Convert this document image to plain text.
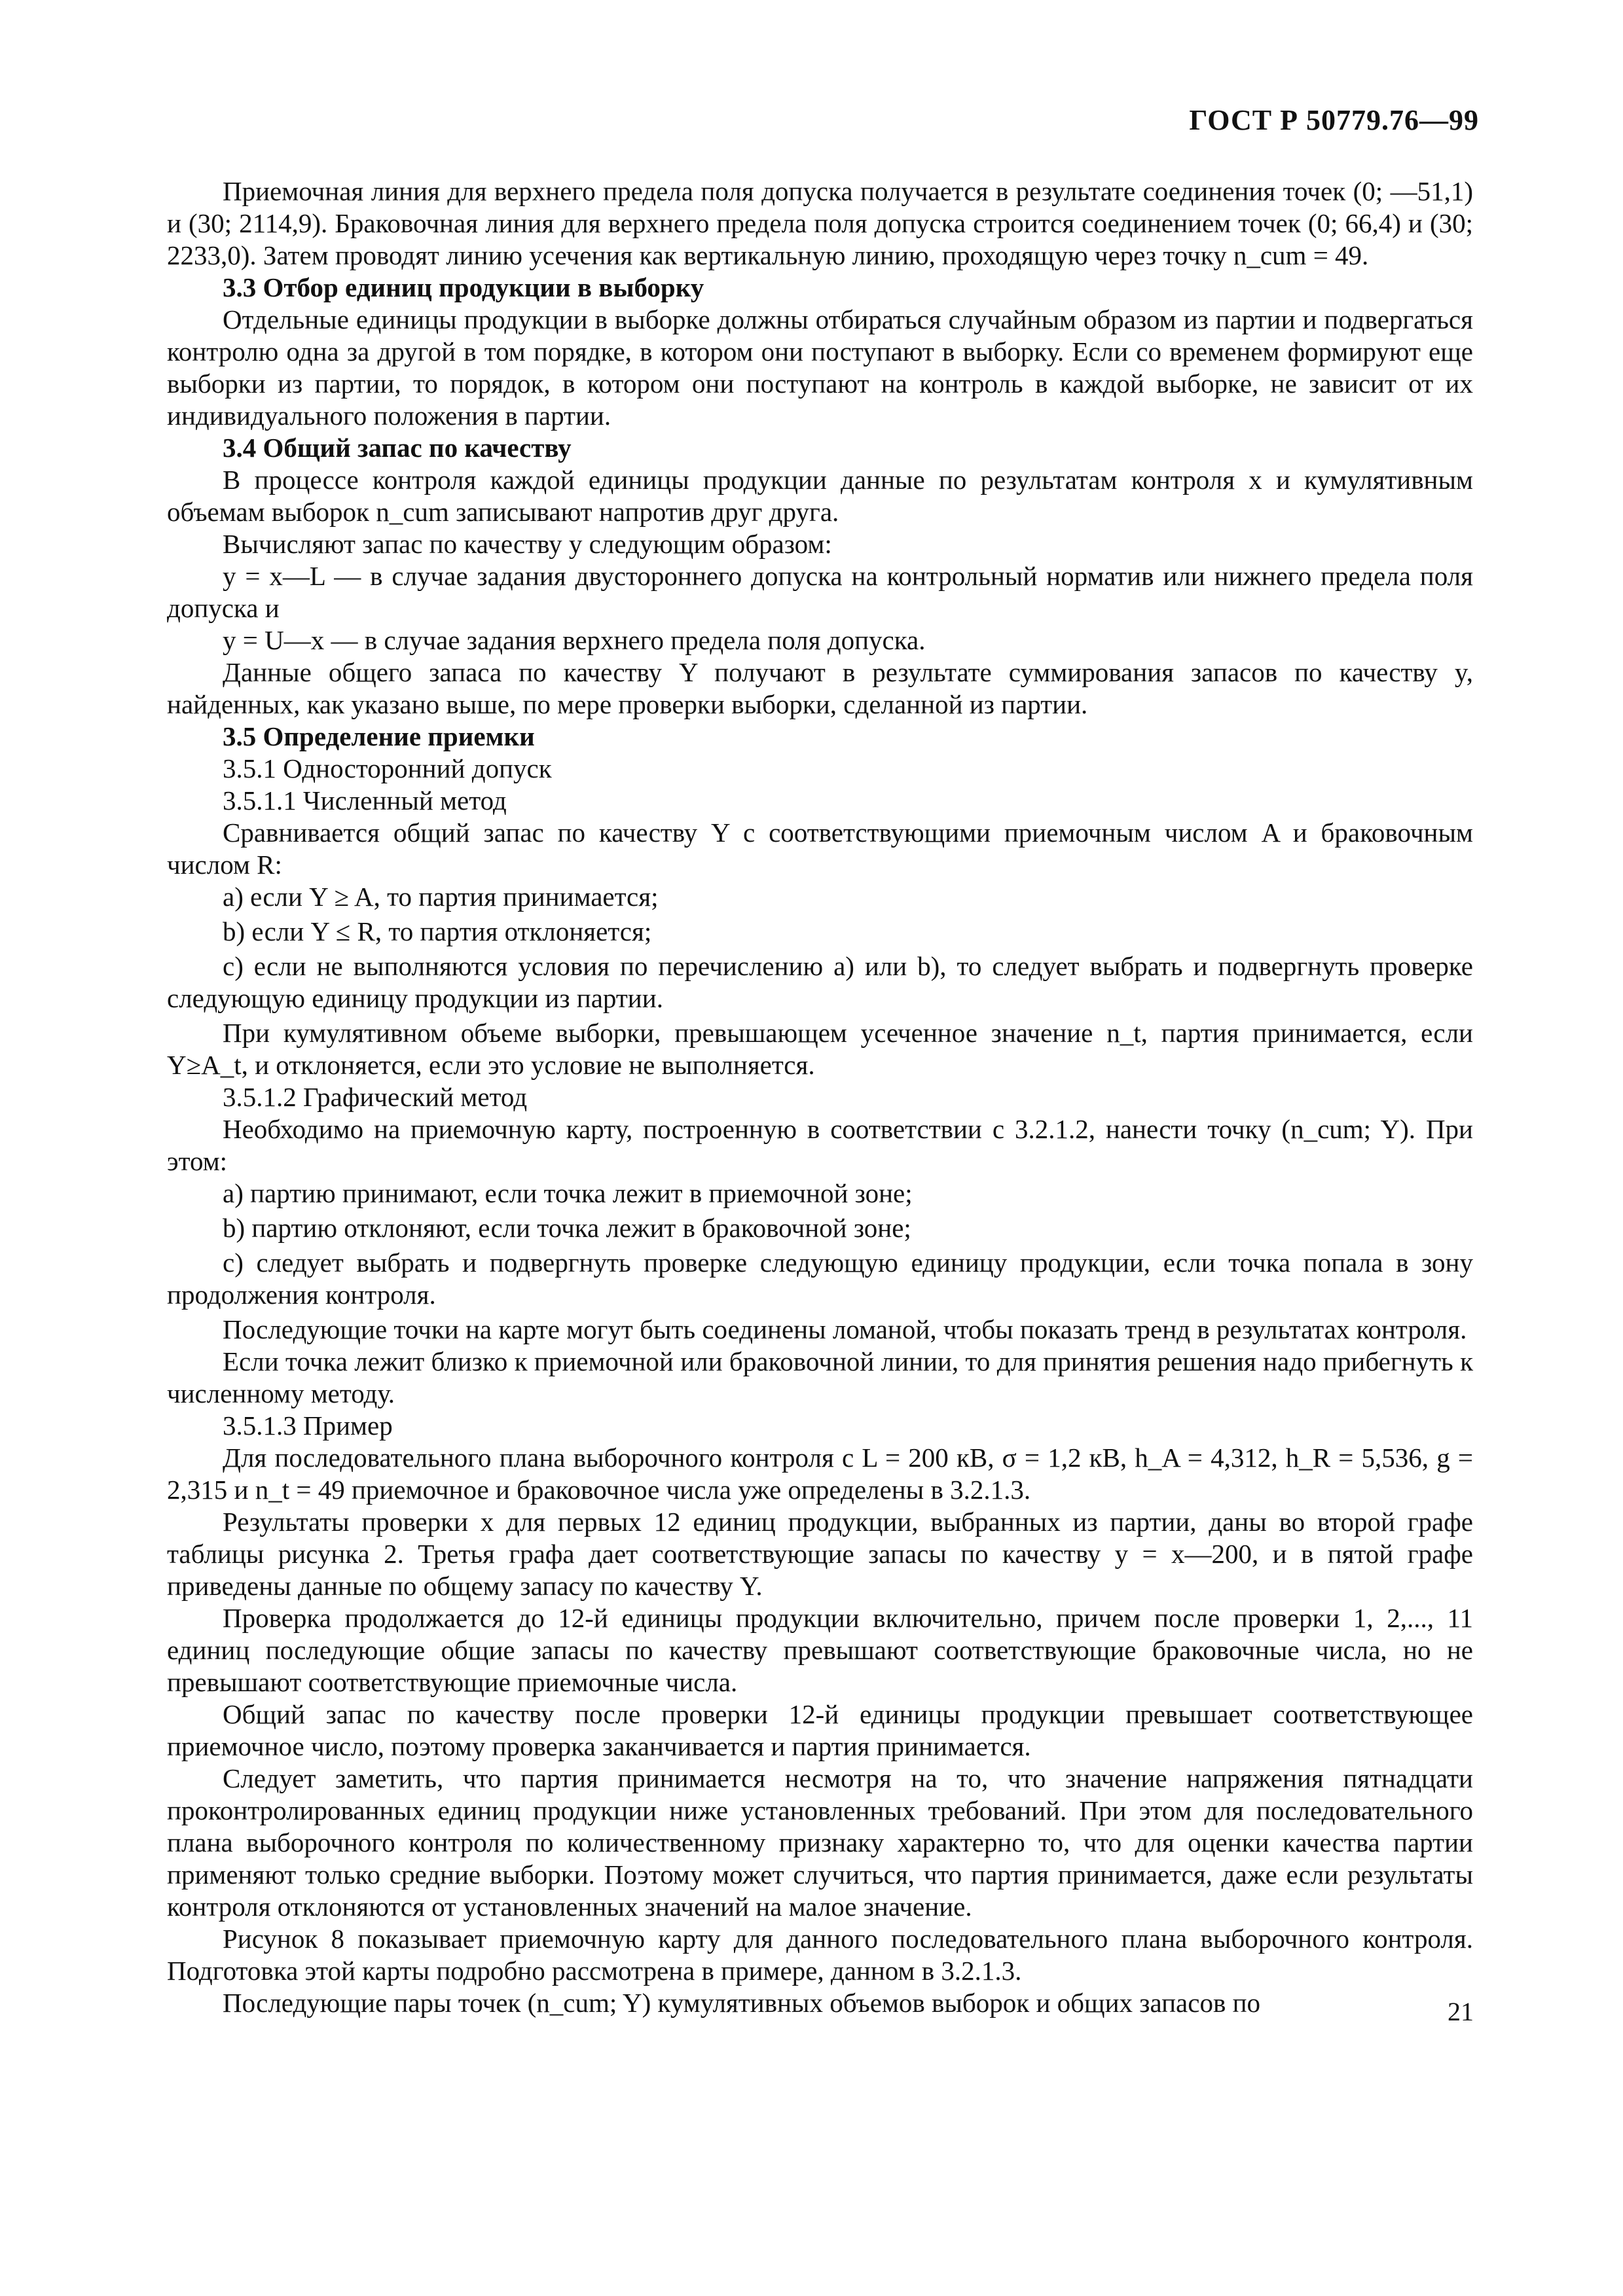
ГОСТ Р 50779.76—99

Приемочная линия для верхнего предела поля допуска получается в результате соединения точек (0; —51,1) и (30; 2114,9). Браковочная линия для верхнего предела поля допуска строится соединением точек (0; 66,4) и (30; 2233,0). Затем проводят линию усечения как вертикальную линию, проходящую через точку n_cum = 49.

3.3 Отбор единиц продукции в выборку

Отдельные единицы продукции в выборке должны отбираться случайным образом из партии и подвергаться контролю одна за другой в том порядке, в котором они поступают в выборку. Если со временем формируют еще выборки из партии, то порядок, в котором они поступают на контроль в каждой выборке, не зависит от их индивидуального положения в партии.

3.4 Общий запас по качеству

В процессе контроля каждой единицы продукции данные по результатам контроля x и кумулятивным объемам выборок n_cum записывают напротив друг друга.

Вычисляют запас по качеству y следующим образом:

y = x—L — в случае задания двустороннего допуска на контрольный норматив или нижнего предела поля допуска и

y = U—x — в случае задания верхнего предела поля допуска.

Данные общего запаса по качеству Y получают в результате суммирования запасов по качеству y, найденных, как указано выше, по мере проверки выборки, сделанной из партии.

3.5 Определение приемки

3.5.1 Односторонний допуск

3.5.1.1 Численный метод

Сравнивается общий запас по качеству Y с соответствующими приемочным числом A и браковочным числом R:

a) если Y ≥ A, то партия принимается;

b) если Y ≤ R, то партия отклоняется;

c) если не выполняются условия по перечислению a) или b), то следует выбрать и подвергнуть проверке следующую единицу продукции из партии.

При кумулятивном объеме выборки, превышающем усеченное значение n_t, партия принимается, если Y≥A_t, и отклоняется, если это условие не выполняется.

3.5.1.2 Графический метод

Необходимо на приемочную карту, построенную в соответствии с 3.2.1.2, нанести точку (n_cum; Y). При этом:

a) партию принимают, если точка лежит в приемочной зоне;

b) партию отклоняют, если точка лежит в браковочной зоне;

c) следует выбрать и подвергнуть проверке следующую единицу продукции, если точка попала в зону продолжения контроля.

Последующие точки на карте могут быть соединены ломаной, чтобы показать тренд в результатах контроля.

Если точка лежит близко к приемочной или браковочной линии, то для принятия решения надо прибегнуть к численному методу.

3.5.1.3 Пример

Для последовательного плана выборочного контроля с L = 200 кВ, σ = 1,2 кВ, h_A = 4,312, h_R = 5,536, g = 2,315 и n_t = 49 приемочное и браковочное числа уже определены в 3.2.1.3.

Результаты проверки x для первых 12 единиц продукции, выбранных из партии, даны во второй графе таблицы рисунка 2. Третья графа дает соответствующие запасы по качеству y = x—200, и в пятой графе приведены данные по общему запасу по качеству Y.

Проверка продолжается до 12-й единицы продукции включительно, причем после проверки 1, 2,..., 11 единиц последующие общие запасы по качеству превышают соответствующие браковочные числа, но не превышают соответствующие приемочные числа.

Общий запас по качеству после проверки 12-й единицы продукции превышает соответствующее приемочное число, поэтому проверка заканчивается и партия принимается.

Следует заметить, что партия принимается несмотря на то, что значение напряжения пятнадцати проконтролированных единиц продукции ниже установленных требований. При этом для последовательного плана выборочного контроля по количественному признаку характерно то, что для оценки качества партии применяют только средние выборки. Поэтому может случиться, что партия принимается, даже если результаты контроля отклоняются от установленных значений на малое значение.

Рисунок 8 показывает приемочную карту для данного последовательного плана выборочного контроля. Подготовка этой карты подробно рассмотрена в примере, данном в 3.2.1.3.

Последующие пары точек (n_cum; Y) кумулятивных объемов выборок и общих запасов по	21
